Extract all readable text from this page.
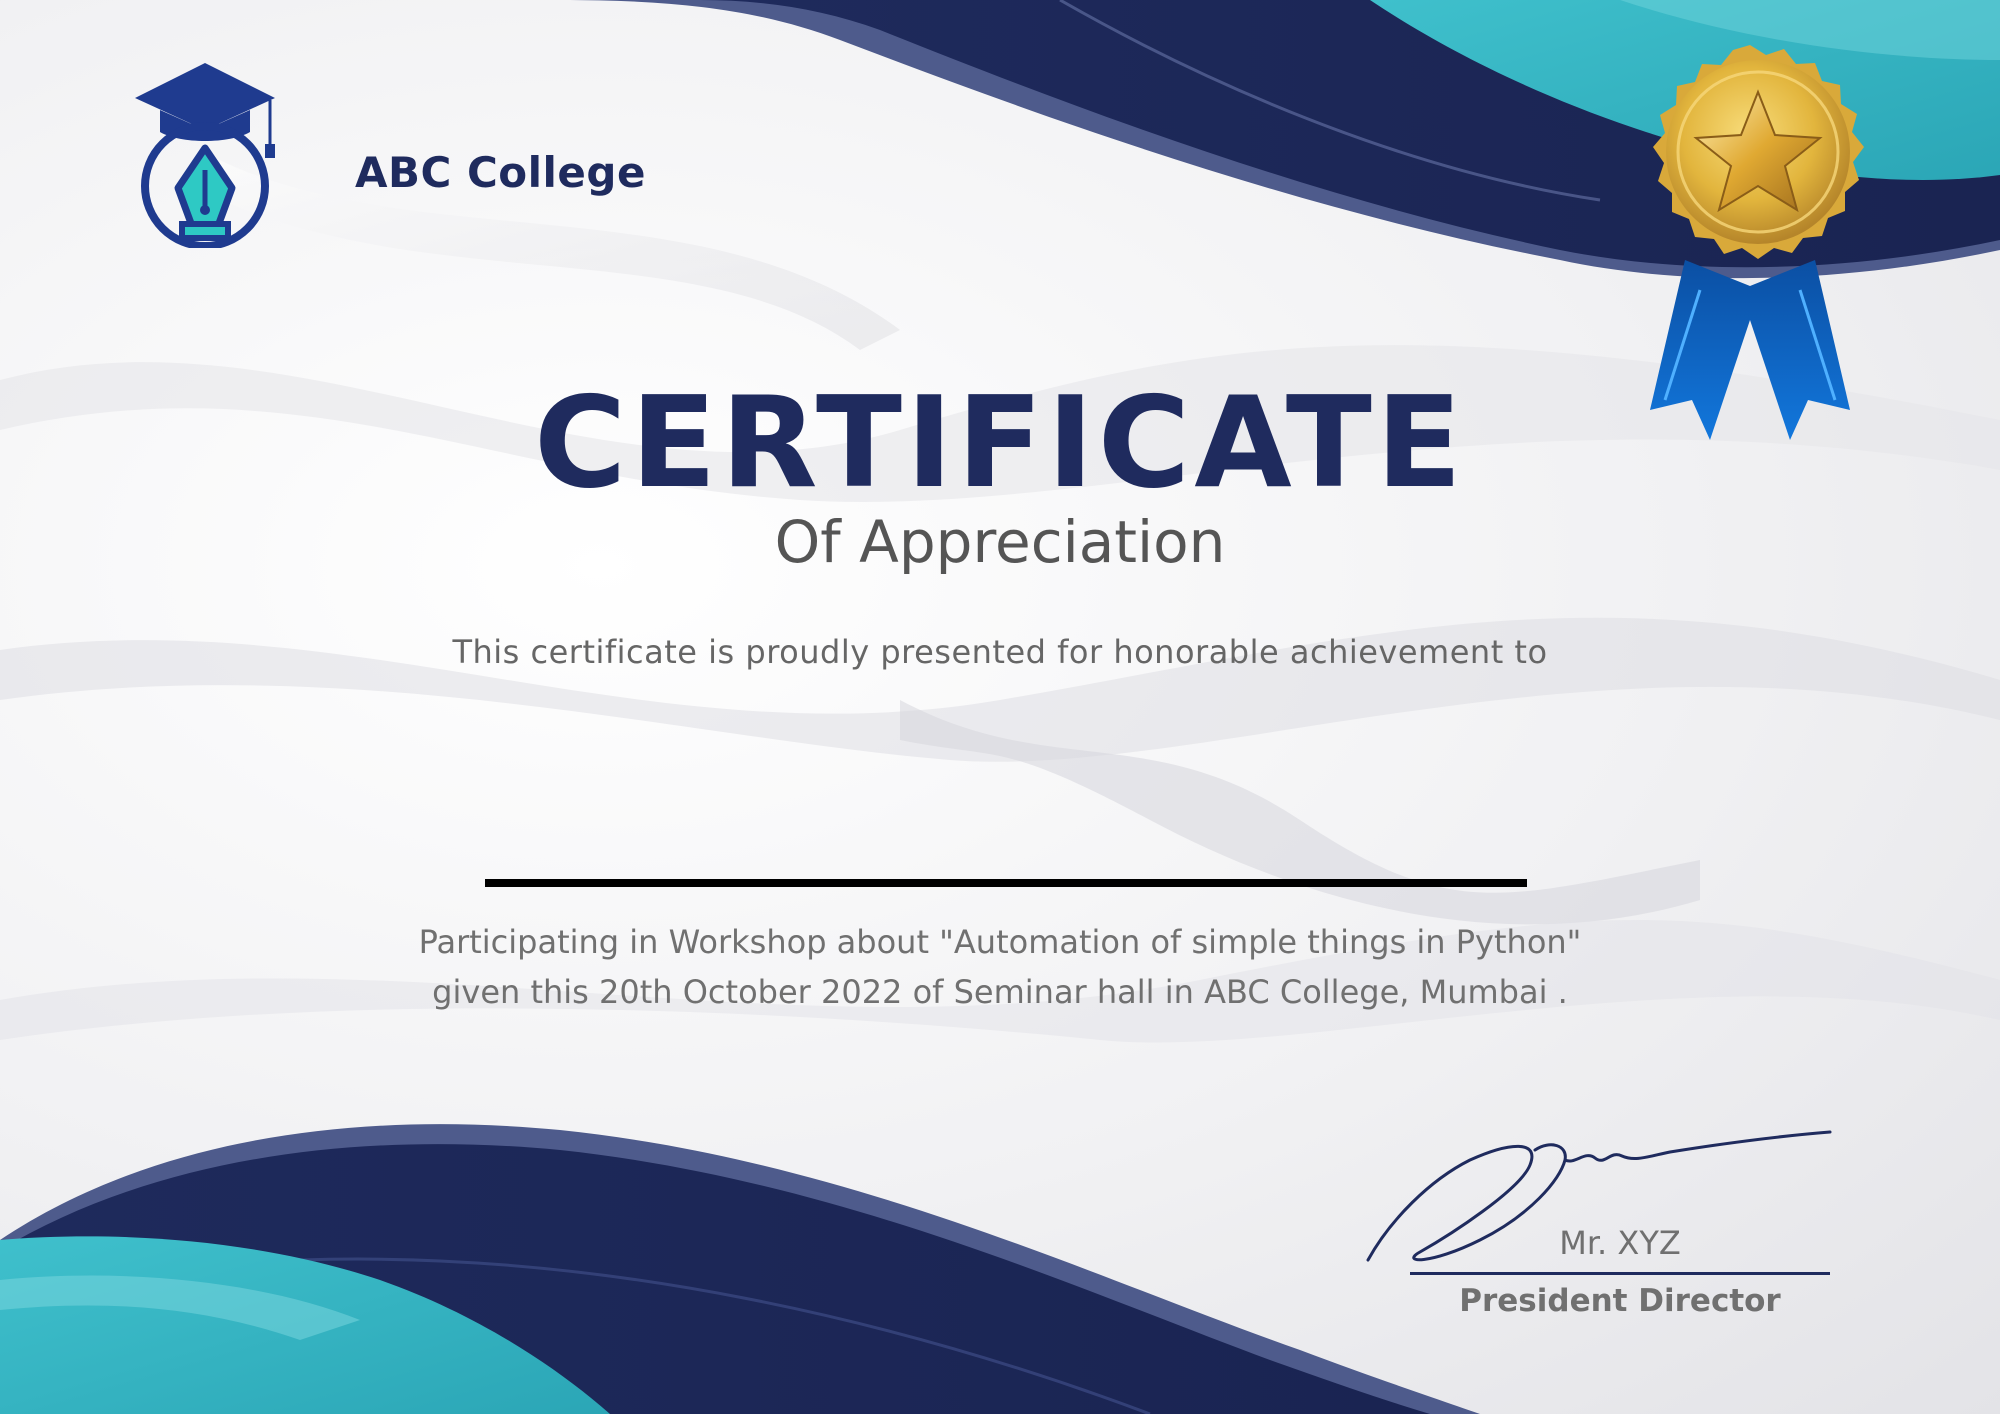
ABC College
CERTIFICATE
Of Appreciation
This certificate is proudly presented for honorable achievement to
Participating in Workshop about "Automation of simple things in Python"
given this 20th October 2022 of Seminar hall in ABC College, Mumbai .
Mr. XYZ
President Director
